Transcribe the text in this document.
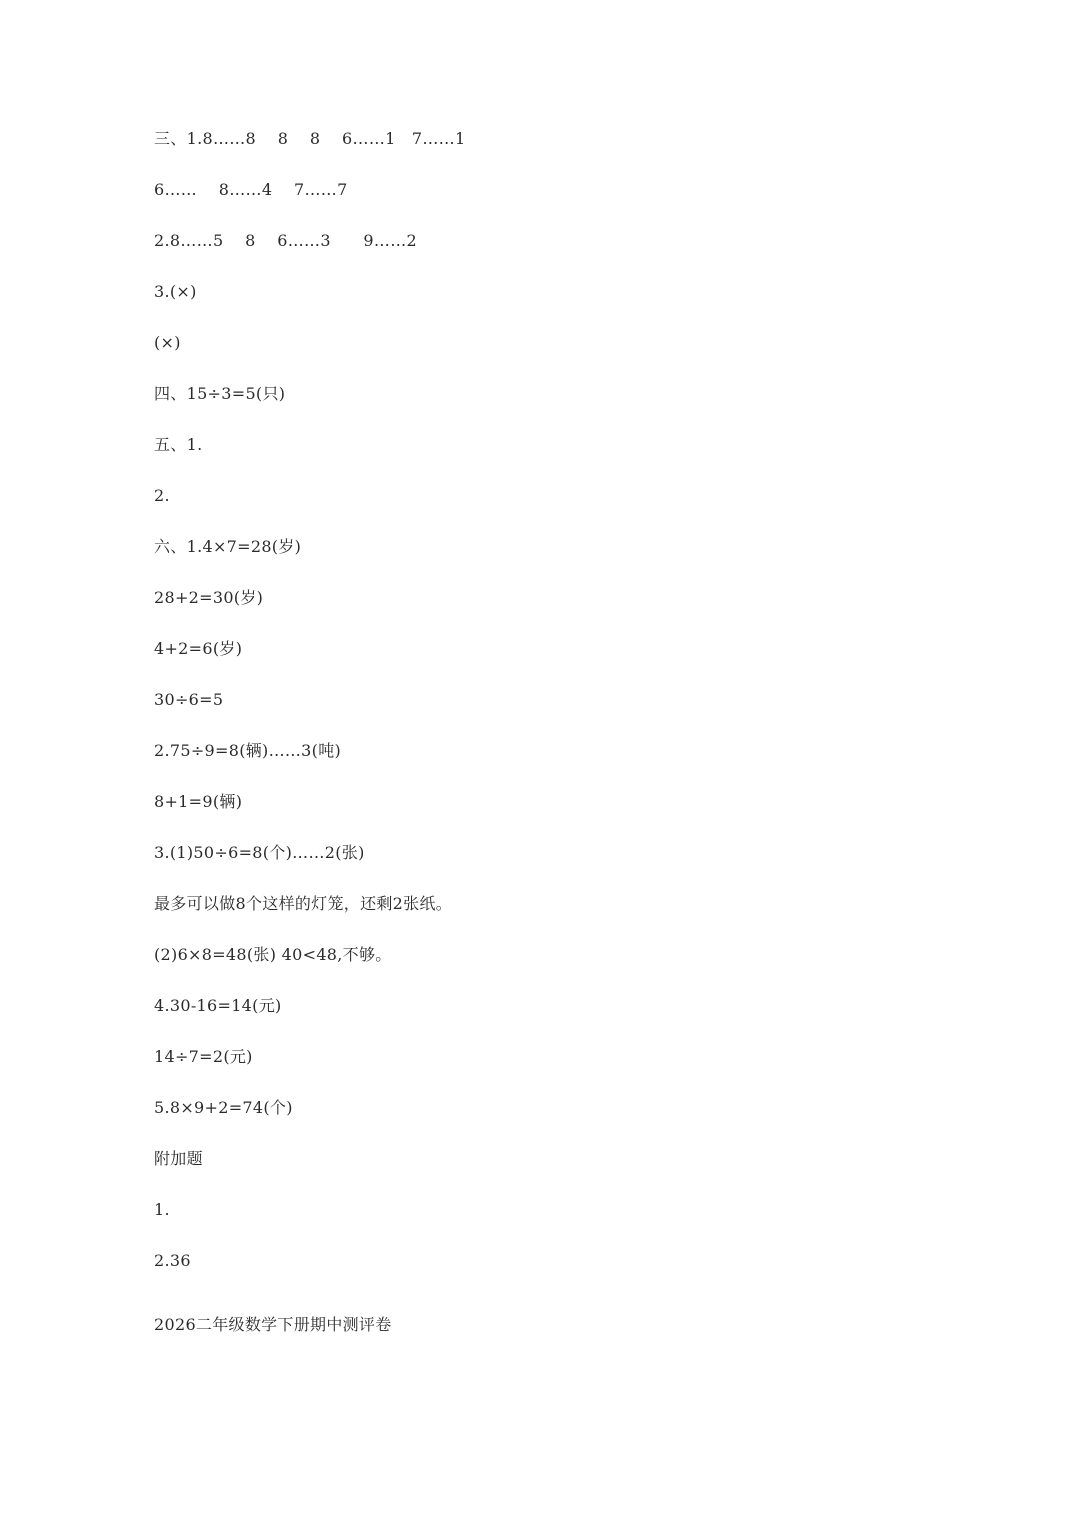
三、1.8……8　 8　 8　 6……1　7……1
6……　 8……4　 7……7
2.8……5　 8　 6……3　　9……2
3.(×)
(×)
四、15÷3=5(只)
五、1.
2.
六、1.4×7=28(岁)
28+2=30(岁)
4+2=6(岁)
30÷6=5
2.75÷9=8(辆)……3(吨)
8+1=9(辆)
3.(1)50÷6=8(个)……2(张)
最多可以做8个这样的灯笼，还剩2张纸。
(2)6×8=48(张) 40<48,不够。
4.30-16=14(元)
14÷7=2(元)
5.8×9+2=74(个)
附加题
1.
2.36
2026二年级数学下册期中测评卷
